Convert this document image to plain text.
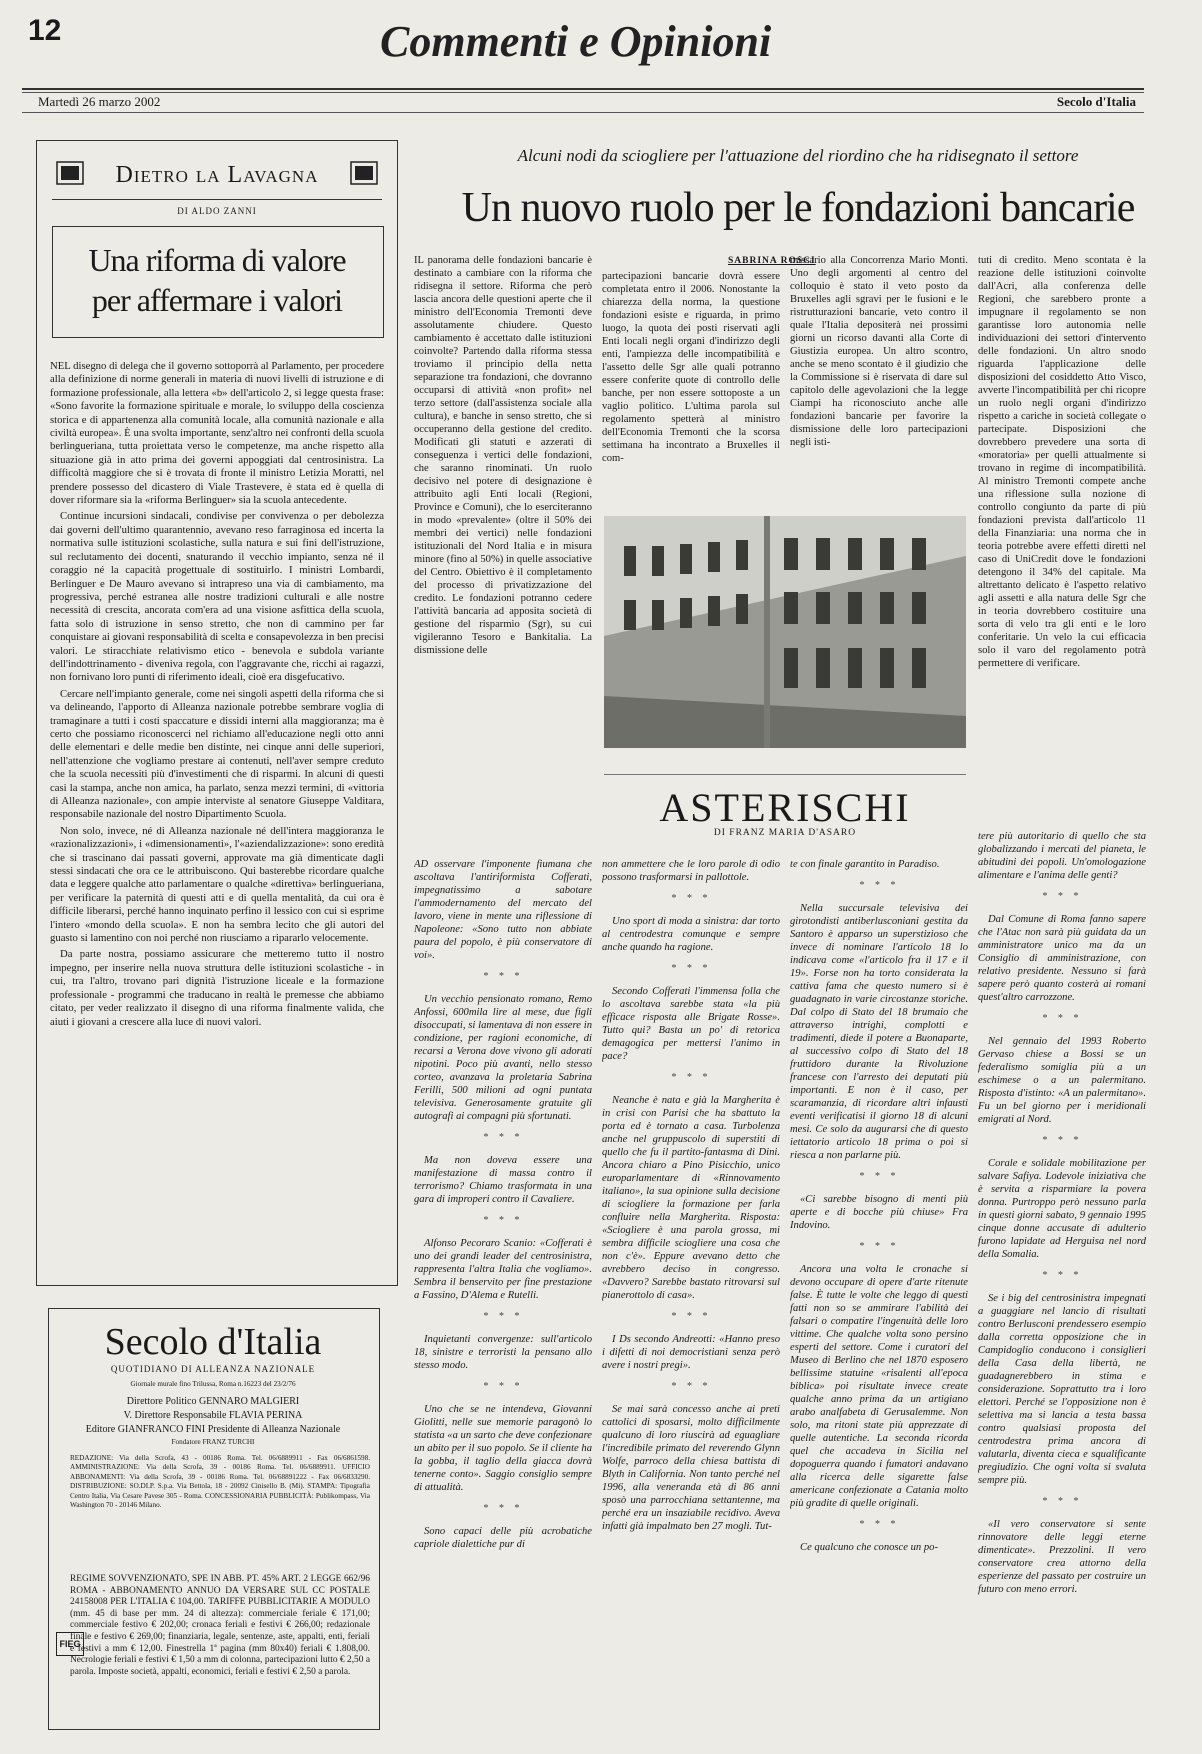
12	Commenti e Opinioni
Martedì 26 marzo 2002	Secolo d'Italia
Dietro la Lavagna
DI ALDO ZANNI
Una riforma di valore
per affermare i valori

NEL disegno di delega che il governo sottoporrà al Parlamento, per procedere alla definizione di norme generali in materia di nuovi livelli di istruzione e di formazione professionale, alla lettera «b» dell'articolo 2, si legge questa frase: «Sono favorite la formazione spirituale e morale, lo sviluppo della coscienza storica e di appartenenza alla comunità locale, alla comunità nazionale e alla civiltà europea». È una svolta importante, senz'altro nei confronti della scuola berlingueriana, tutta proiettata verso le competenze, ma anche rispetto alla situazione già in atto prima dei governi appoggiati dal centrosinistra. La difficoltà maggiore che si è trovata di fronte il ministro Letizia Moratti, nel prendere possesso del dicastero di Viale Trastevere, è stata ed è quella di dover riformare sia la «riforma Berlinguer» sia la scuola antecedente.

Continue incursioni sindacali, condivise per convivenza o per debolezza dai governi dell'ultimo quarantennio, avevano reso farraginosa ed incerta la normativa sulle istituzioni scolastiche, sulla natura e sui fini dell'istruzione, sul reclutamento dei docenti, snaturando il vecchio impianto, senza né il coraggio né la capacità progettuale di sostituirlo. I ministri Lombardi, Berlinguer e De Mauro avevano sì intrapreso una via di cambiamento, ma progressiva, perché estranea alle nostre tradizioni culturali e alle nostre necessità di crescita, ancorata com'era ad una visione asfittica della scuola, fatta solo di istruzione in senso stretto, che non di cammino per far conquistare ai giovani responsabilità di scelta e consapevolezza in ben precisi valori. Le stiracchiate relativismo etico - benevola e subdola variante dell'indottrinamento - diveniva regola, con l'aggravante che, ricchi ai ragazzi, non fornivano loro punti di riferimento ideali, cioè era disgefucativo.

Cercare nell'impianto generale, come nei singoli aspetti della riforma che si va delineando, l'apporto di Alleanza nazionale potrebbe sembrare voglia di tramaginare a tutti i costi spaccature e dissidi interni alla maggioranza; ma è certo che possiamo riconoscerci nel richiamo all'educazione negli otto anni delle elementari e delle medie ben distinte, nei cinque anni delle superiori, nell'attenzione che vogliamo prestare ai contenuti, nell'aver sempre creduto che la scuola necessiti più d'investimenti che di risparmi. In alcuni di questi casi la stampa, anche non amica, ha parlato, senza mezzi termini, di «vittoria di Alleanza nazionale», con ampie interviste al senatore Giuseppe Valditara, responsabile nazionale del nostro Dipartimento Scuola.

Non solo, invece, né di Alleanza nazionale né dell'intera maggioranza le «razionalizzazioni», i «dimensionamenti», l'«aziendalizzazione»: sono eredità che si trascinano dai passati governi, approvate ma già dimenticate dagli stessi sindacati che ora ce le attribuiscono. Qui basterebbe ricordare qualche data e leggere qualche atto parlamentare o qualche «direttiva» berlingueriana, per verificare la paternità di questi atti e di quella mentalità, da cui ora è difficile liberarsi, perché hanno inquinato perfino il lessico con cui si esprime l'intero «mondo della scuola». E non ha sembra lecito che gli autori del guasto si lamentino con noi perché non riusciamo a ripararlo velocemente.

Da parte nostra, possiamo assicurare che metteremo tutto il nostro impegno, per inserire nella nuova struttura delle istituzioni scolastiche - in cui, tra l'altro, trovano pari dignità l'istruzione liceale e la formazione professionale - programmi che traducano in realtà le premesse che abbiamo citato, per veder realizzato il disegno di una riforma finalmente valida, che aiuti i giovani a crescere alla luce di nuovi valori.

Secolo d'Italia
QUOTIDIANO DI ALLEANZA NAZIONALE
Giornale murale fino Trilussa, Roma n.16223 del 23/2/76
Direttore Politico GENNARO MALGIERI
V. Direttore Responsabile FLAVIA PERINA
Editore GIANFRANCO FINI Presidente di Alleanza Nazionale
Fondatore FRANZ TURCHI
REDAZIONE: Via della Scrofa, 43 - 00186 Roma. Tel. 06/6889911 - Fax 06/6861598. AMMINISTRAZIONE: Via della Scrofa, 39 - 00186 Roma. Tel. 06/6889911. UFFICIO ABBONAMENTI: Via della Scrofa, 39 - 00186 Roma. Tel. 06/68891222 - Fax 06/6833290. DISTRIBUZIONE: SO.DI.P. S.p.a. Via Bettola, 18 - 20092 Cinisello B. (Mi). STAMPA: Tipografia Centro Italia, Via Cesare Pavese 305 - Roma. CONCESSIONARIA PUBBLICITÀ: Publikompass, Via Washington 70 - 20146 Milano.
REGIME SOVVENZIONATO, SPE IN ABB. PT. 45% ART. 2 LEGGE 662/96 ROMA - ABBONAMENTO ANNUO DA VERSARE SUL CC POSTALE 24158008 PER L'ITALIA € 104,00. TARIFFE PUBBLICITARIE A MODULO (mm. 45 di base per mm. 24 di altezza): commerciale feriale € 171,00; commerciale festivo € 202,00; cronaca feriali e festivi € 266,00; redazionale finale e festivo € 269,00; finanziaria, legale, sentenze, aste, appalti, enti, feriali e festivi a mm € 12,00. Finestrella 1ª pagina (mm 80x40) feriali € 1.808,00. Necrologie feriali e festivi € 1,50 a mm di colonna, partecipazioni lutto € 2,50 a parola. Imposte società, appalti, economici, feriali e festivi € 2,50 a parola.
FIEG
Alcuni nodi da sciogliere per l'attuazione del riordino che ha ridisegnato il settore
Un nuovo ruolo per le fondazioni bancarie
SABRINA ROSCI

IL panorama delle fondazioni bancarie è destinato a cambiare con la riforma che ridisegna il settore. Riforma che però lascia ancora delle questioni aperte che il ministro dell'Economia Tremonti deve assolutamente chiudere. Questo cambiamento è accettato dalle istituzioni coinvolte? Partendo dalla riforma stessa troviamo il principio della netta separazione tra fondazioni, che dovranno occuparsi di attività «non profit» nel terzo settore (dall'assistenza sociale alla cultura), e banche in senso stretto, che si occuperanno della gestione del credito. Modificati gli statuti e azzerati di conseguenza i vertici delle fondazioni, che saranno rinominati. Un ruolo decisivo nel potere di designazione è attribuito agli Enti locali (Regioni, Province e Comuni), che lo eserciteranno in modo «prevalente» (oltre il 50% dei membri dei vertici) nelle fondazioni istituzionali del Nord Italia e in misura minore (fino al 50%) in quelle associative del Centro. Obiettivo è il completamento del processo di privatizzazione del credito. Le fondazioni potranno cedere l'attività bancaria ad apposita società di gestione del risparmio (Sgr), su cui vigileranno Tesoro e Bankitalia. La dismissione delle

partecipazioni bancarie dovrà essere completata entro il 2006. Nonostante la chiarezza della norma, la questione fondazioni esiste e riguarda, in primo luogo, la quota dei posti riservati agli Enti locali negli organi d'indirizzo degli enti, l'ampiezza delle incompatibilità e l'assetto delle Sgr alle quali potranno essere conferite quote di controllo delle banche, per non essere sottoposte a un vaglio politico. L'ultima parola sul regolamento spetterà al ministro dell'Economia Tremonti che la scorsa settimana ha incontrato a Bruxelles il com-

missario alla Concorrenza Mario Monti. Uno degli argomenti al centro del colloquio è stato il veto posto da Bruxelles agli sgravi per le fusioni e le ristrutturazioni bancarie, veto contro il quale l'Italia depositerà nei prossimi giorni un ricorso davanti alla Corte di Giustizia europea. Un altro scontro, anche se meno scontato è il giudizio che la Commissione si è riservata di dare sul capitolo delle agevolazioni che la legge Ciampi ha riconosciuto anche alle fondazioni bancarie per favorire la dismissione delle loro partecipazioni negli isti-

tuti di credito. Meno scontata è la reazione delle istituzioni coinvolte dall'Acri, alla conferenza delle Regioni, che sarebbero pronte a impugnare il regolamento se non garantisse loro autonomia nelle individuazioni dei settori d'intervento delle fondazioni. Un altro snodo riguarda l'applicazione delle disposizioni del cosiddetto Atto Visco, avverte l'incompatibilità per chi ricopre un ruolo negli organi d'indirizzo rispetto a cariche in società collegate o partecipate. Disposizioni che dovrebbero prevedere una sorta di «moratoria» per quelli attualmente si trovano in regime di incompatibilità. Al ministro Tremonti compete anche una riflessione sulla nozione di controllo congiunto da parte di più fondazioni prevista dall'articolo 11 della Finanziaria: una norma che in teoria potrebbe avere effetti diretti nel caso di UniCredit dove le fondazioni detengono il 34% del capitale. Ma altrettanto delicato è l'aspetto relativo agli assetti e alla natura delle Sgr che in teoria dovrebbero costituire una sorta di velo tra gli enti e le loro conferitarie. Un velo la cui efficacia solo il varo del regolamento potrà permettere di verificare.

ASTERISCHI
DI FRANZ MARIA D'ASARO

AD osservare l'imponente fiumana che ascoltava l'antiriformista Cofferati, impegnatissimo a sabotare l'ammodernamento del mercato del lavoro, viene in mente una riflessione di Napoleone: «Sono tutto non abbiate paura del popolo, è più conservatore di voi».

* * *

Un vecchio pensionato romano, Remo Anfossi, 600mila lire al mese, due figli disoccupati, si lamentava di non essere in condizione, per ragioni economiche, di recarsi a Verona dove vivono gli adorati nipotini. Poco più avanti, nello stesso corteo, avanzava la proletaria Sabrina Ferilli, 500 milioni ad ogni puntata televisiva. Generosamente gratuite gli autografi ai compagni più sfortunati.

* * *

Ma non doveva essere una manifestazione di massa contro il terrorismo? Chiamo trasformata in una gara di improperi contro il Cavaliere.

* * *

Alfonso Pecoraro Scanio: «Cofferati è uno dei grandi leader del centrosinistra, rappresenta l'altra Italia che vogliamo». Sembra il benservito per fine prestazione a Fassino, D'Alema e Rutelli.

* * *

Inquietanti convergenze: sull'articolo 18, sinistre e terroristi la pensano allo stesso modo.

* * *

Uno che se ne intendeva, Giovanni Giolitti, nelle sue memorie paragonò lo statista «a un sarto che deve confezionare un abito per il suo popolo. Se il cliente ha la gobba, il taglio della giacca dovrà tenerne conto». Saggio consiglio sempre di attualità.

* * *

Sono capaci delle più acrobatiche capriole dialettiche pur di

non ammettere che le loro parole di odio possono trasformarsi in pallottole.

* * *

Uno sport di moda a sinistra: dar torto al centrodestra comunque e sempre anche quando ha ragione.

* * *

Secondo Cofferati l'immensa folla che lo ascoltava sarebbe stata «la più efficace risposta alle Brigate Rosse». Tutto qui? Basta un po' di retorica demagogica per mettersi l'animo in pace?

* * *

Neanche è nata e già la Margherita è in crisi con Parisi che ha sbattuto la porta ed è tornato a casa. Turbolenza anche nel gruppuscolo di superstiti di quello che fu il partito-fantasma di Dini. Ancora chiaro a Pino Pisicchio, unico europarlamentare di «Rinnovamento italiano», la sua opinione sulla decisione di sciogliere la formazione per farla confluire nella Margherita. Risposta: «Sciogliere è una parola grossa, mi sembra difficile sciogliere una cosa che non c'è». Eppure avevano detto che avrebbero deciso in congresso. «Davvero? Sarebbe bastato ritrovarsi sul pianerottolo di casa».

* * *

I Ds secondo Andreotti: «Hanno preso i difetti di noi democristiani senza però avere i nostri pregi».

* * *

Se mai sarà concesso anche ai preti cattolici di sposarsi, molto difficilmente qualcuno di loro riuscirà ad eguagliare l'incredibile primato del reverendo Glynn Wolfe, parroco della chiesa battista di Blyth in California. Non tanto perché nel 1996, alla veneranda età di 86 anni sposò una parrocchiana settantenne, ma perché era un insaziabile recidivo. Aveva infatti già impalmato ben 27 mogli. Tut-

te con finale garantito in Paradiso.

* * *

Nella succursale televisiva dei girotondisti antiberlusconiani gestita da Santoro è apparso un superstizioso che invece di nominare l'articolo 18 lo indicava come «l'articolo fra il 17 e il 19». Forse non ha torto considerata la cattiva fama che questo numero si è guadagnato in varie circostanze storiche. Dal colpo di Stato del 18 brumaio che attraverso intrighi, complotti e tradimenti, diede il potere a Buonaparte, al successivo colpo di Stato del 18 fruttidoro durante la Rivoluzione francese con l'arresto dei deputati più importanti. E non è il caso, per scaramanzia, di ricordare altri infausti eventi verificatisi il giorno 18 di alcuni mesi. Ce solo da augurarsi che di questo iettatorio articolo 18 prima o poi si riesca a non parlarne più.

* * *

«Ci sarebbe bisogno di menti più aperte e di bocche più chiuse» Fra Indovino.

* * *

Ancora una volta le cronache si devono occupare di opere d'arte ritenute false. È tutte le volte che leggo di questi fatti non so se ammirare l'abilità dei falsari o compatire l'ingenuità delle loro vittime. Che qualche volta sono persino esperti del settore. Come i curatori del Museo di Berlino che nel 1870 esposero bellissime statuine «risalenti all'epoca biblica» poi risultate invece create qualche anno prima da un artigiano arabo analfabeta di Gerusalemme. Non solo, ma ritoni state più apprezzate di quelle autentiche. La seconda ricorda quel che accadeva in Sicilia nel dopoguerra quando i fumatori andavano alla ricerca delle sigarette false americane confezionate a Catania molto più gradite di quelle originali.

* * *

Ce qualcuno che conosce un po-

tere più autoritario di quello che sta globalizzando i mercati del pianeta, le abitudini dei popoli. Un'omologazione alimentare e l'anima delle genti?

* * *

Dal Comune di Roma fanno sapere che l'Atac non sarà più guidata da un amministratore unico ma da un Consiglio di amministrazione, con relativo presidente. Nessuno si farà sapere però quanto costerà ai romani quest'altro carrozzone.

* * *

Nel gennaio del 1993 Roberto Gervaso chiese a Bossi se un federalismo somiglia più a un eschimese o a un palermitano. Risposta d'istinto: «A un palermitano». Fu un bel giorno per i meridionali emigrati al Nord.

* * *

Corale e solidale mobilitazione per salvare Safiya. Lodevole iniziativa che è servita a risparmiare la povera donna. Purtroppo però nessuno parla in questi giorni sabato, 9 gennaio 1995 cinque donne accusate di adulterio furono lapidate ad Herguisa nel nord della Somalia.

* * *

Se i big del centrosinistra impegnati a guaggiare nel lancio di risultati contro Berlusconi prendessero esempio dalla corretta opposizione che in Campidoglio conducono i consiglieri della Casa della libertà, ne guadagnerebbero in stima e considerazione. Soprattutto tra i loro elettori. Perché se l'opposizione non è selettiva ma si lancia a testa bassa contro qualsiasi proposta del centrodestra prima ancora di valutarla, diventa cieca e squalificante pregiudizio. Che ogni volta si svaluta sempre più.

* * *

«Il vero conservatore si sente rinnovatore delle leggi eterne dimenticate». Prezzolini. Il vero conservatore crea attorno della esperienze del passato per costruire un futuro con meno errori.
